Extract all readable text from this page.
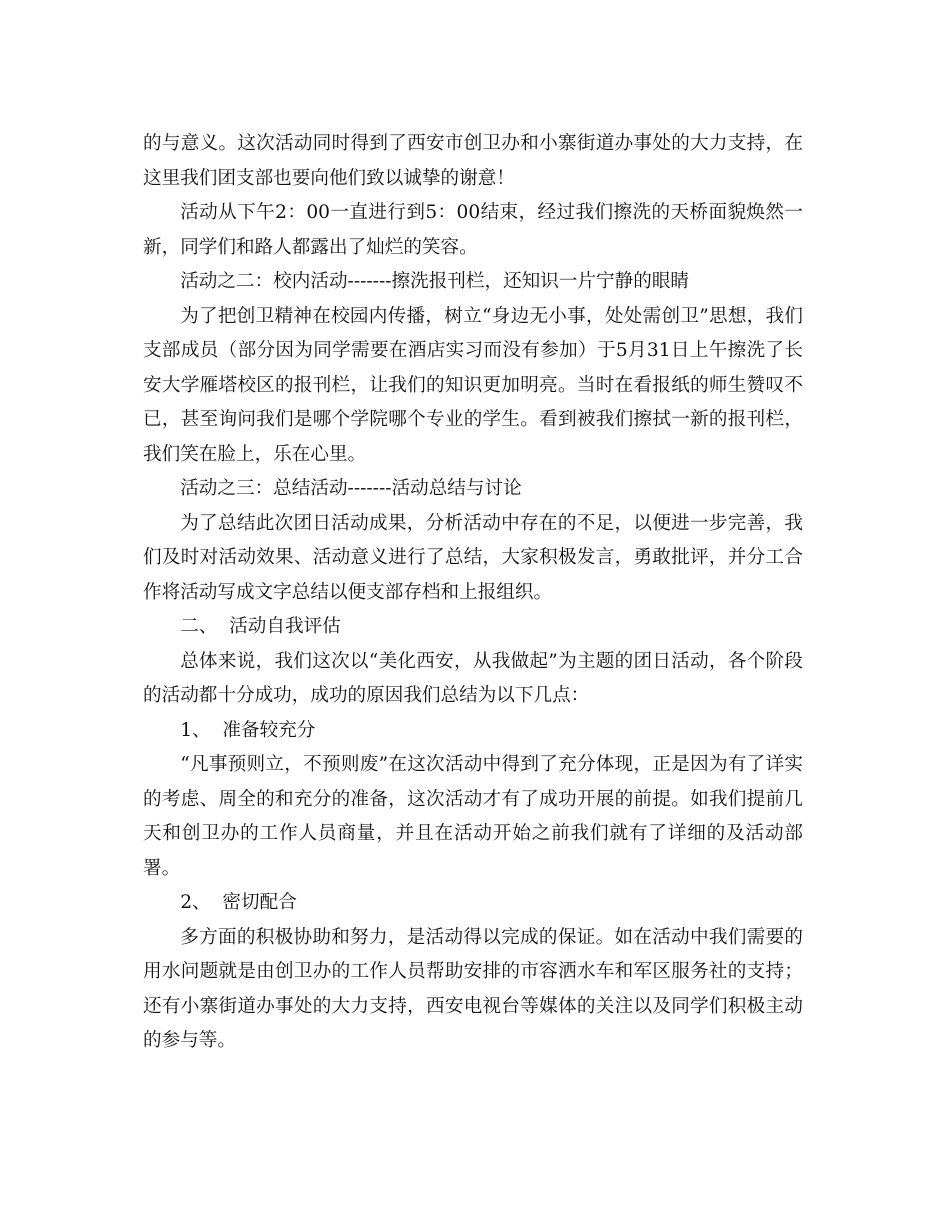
的与意义。这次活动同时得到了西安市创卫办和小寨街道办事处的大力支持，在这里我们团支部也要向他们致以诚挚的谢意！

活动从下午2：00一直进行到5：00结束，经过我们擦洗的天桥面貌焕然一新，同学们和路人都露出了灿烂的笑容。

活动之二：校内活动-------擦洗报刊栏，还知识一片宁静的眼睛

为了把创卫精神在校园内传播，树立“身边无小事，处处需创卫”思想，我们支部成员（部分因为同学需要在酒店实习而没有参加）于5月31日上午擦洗了长安大学雁塔校区的报刊栏，让我们的知识更加明亮。当时在看报纸的师生赞叹不已，甚至询问我们是哪个学院哪个专业的学生。看到被我们擦拭一新的报刊栏，我们笑在脸上，乐在心里。

活动之三：总结活动-------活动总结与讨论

为了总结此次团日活动成果，分析活动中存在的不足，以便进一步完善，我们及时对活动效果、活动意义进行了总结，大家积极发言，勇敢批评，并分工合作将活动写成文字总结以便支部存档和上报组织。

二、  活动自我评估

总体来说，我们这次以“美化西安，从我做起”为主题的团日活动，各个阶段的活动都十分成功，成功的原因我们总结为以下几点：

1、  准备较充分

“凡事预则立，不预则废”在这次活动中得到了充分体现，正是因为有了详实的考虑、周全的和充分的准备，这次活动才有了成功开展的前提。如我们提前几天和创卫办的工作人员商量，并且在活动开始之前我们就有了详细的及活动部署。

2、  密切配合

多方面的积极协助和努力，是活动得以完成的保证。如在活动中我们需要的用水问题就是由创卫办的工作人员帮助安排的市容洒水车和军区服务社的支持；还有小寨街道办事处的大力支持，西安电视台等媒体的关注以及同学们积极主动的参与等。
